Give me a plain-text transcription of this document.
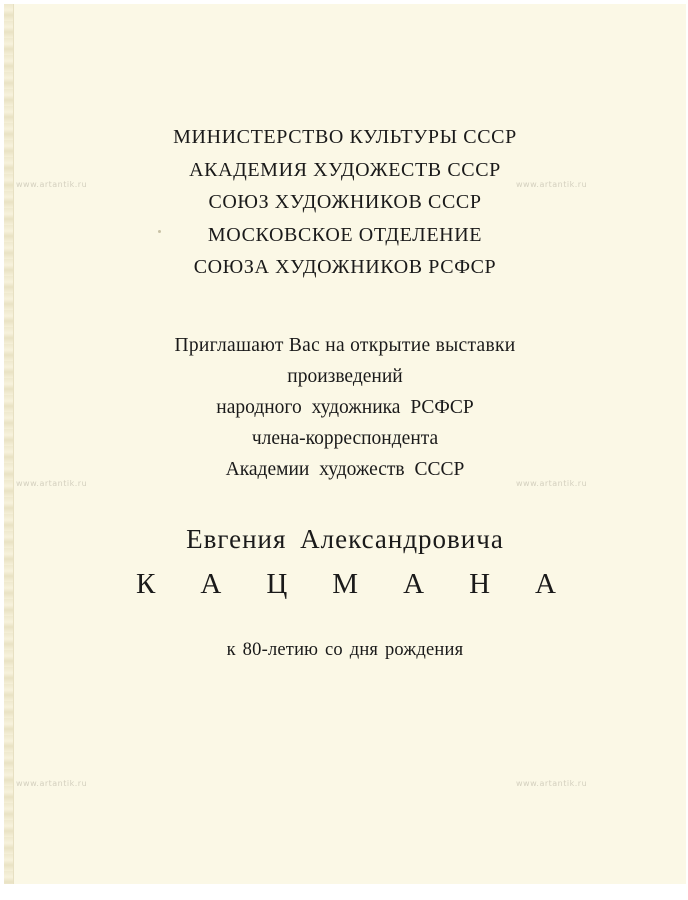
www.artantik.ru	www.artantik.ru
www.artantik.ru	www.artantik.ru
www.artantik.ru	www.artantik.ru
МИНИСТЕРСТВО КУЛЬТУРЫ СССР
АКАДЕМИЯ ХУДОЖЕСТВ СССР
СОЮЗ ХУДОЖНИКОВ СССР
МОСКОВСКОЕ ОТДЕЛЕНИЕ
СОЮЗА ХУДОЖНИКОВ РСФСР
Приглашают Вас на открытие выставки
произведений
народного художника РСФСР
члена-корреспондента
Академии художеств СССР
Евгения Александровича
К А Ц М А Н А
к 80-летию со дня рождения
